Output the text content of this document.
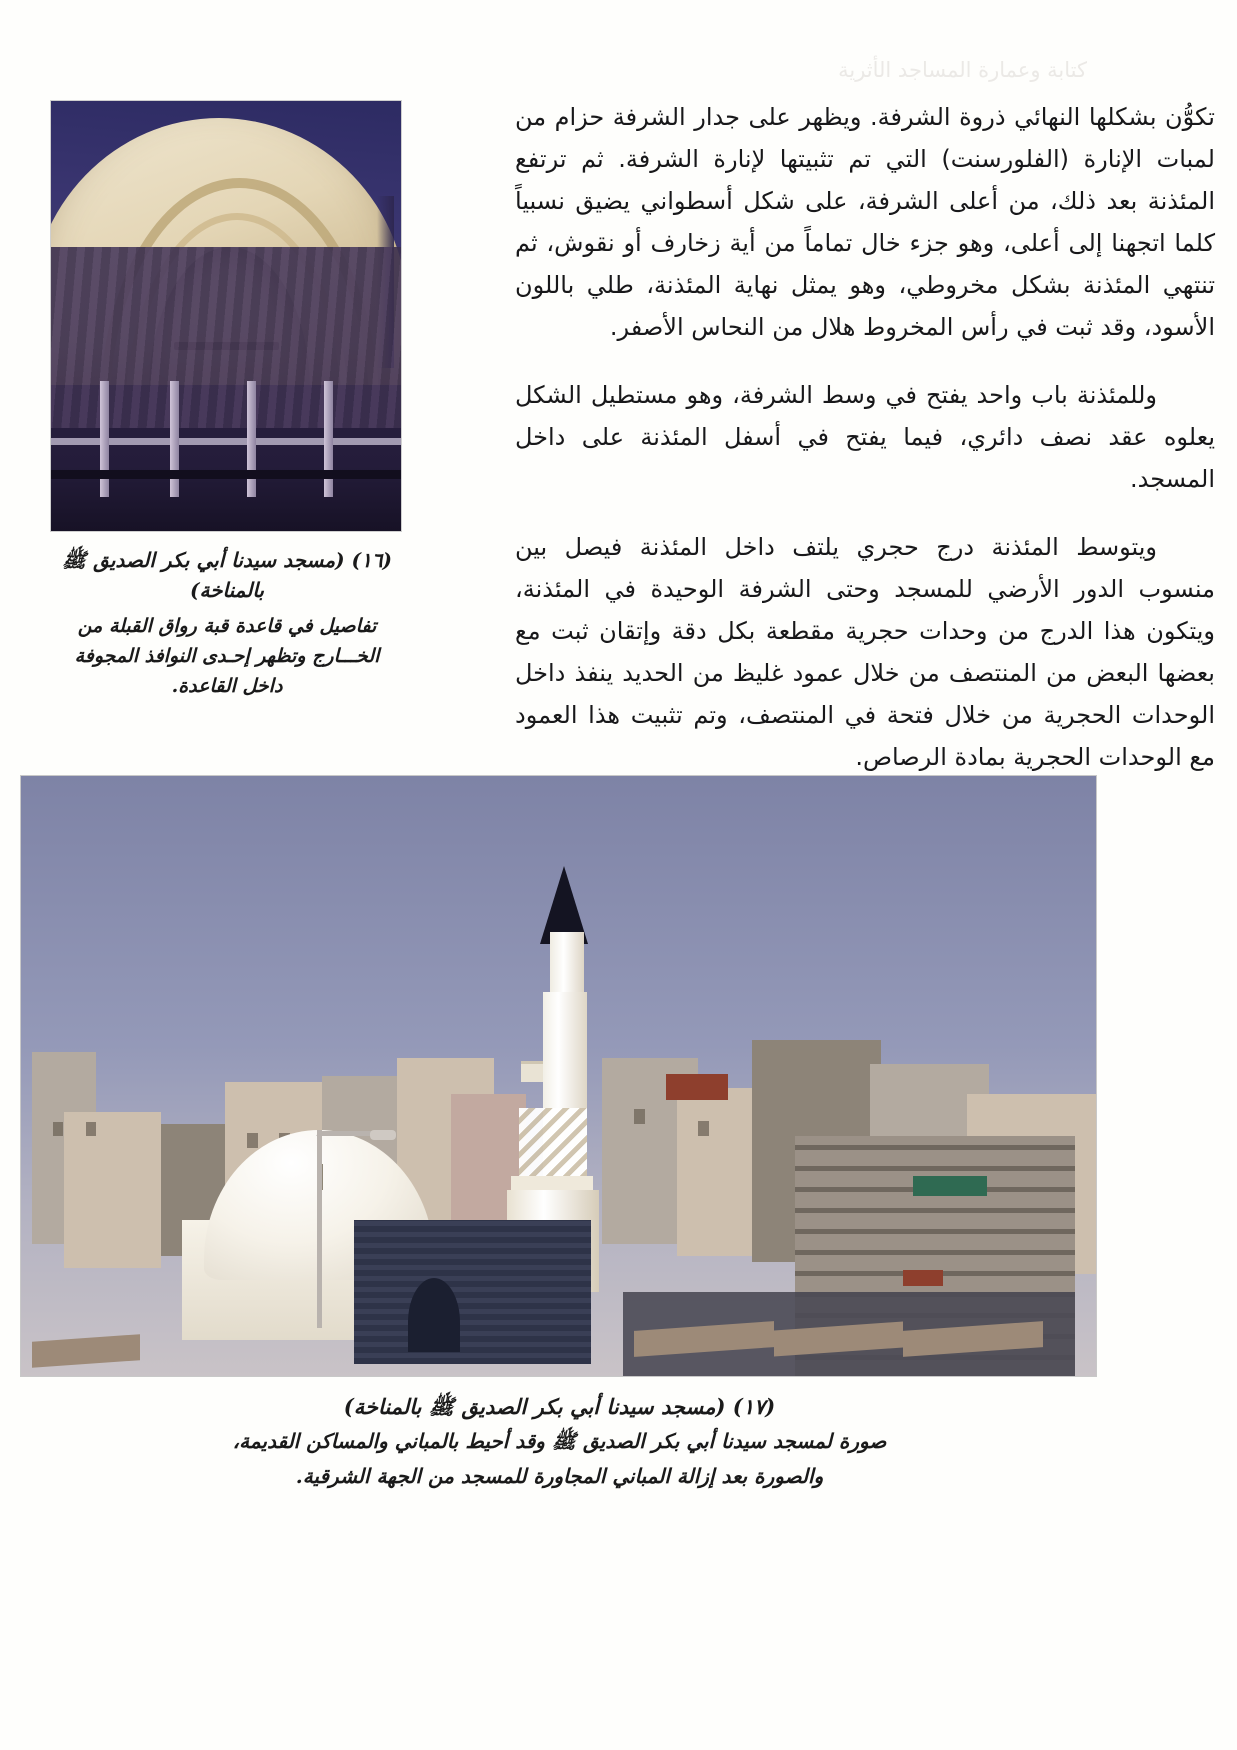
كتابة وعمارة المساجد الأثرية
(١٦) (مسجد سيدنا أبي بكر الصديق ﷺ بالمناخة)
تفاصيل في قاعدة قبة رواق القبلة من الخـــارج وتظهر إحـدى النوافذ المجوفة داخل القاعدة.

تكوُّن بشكلها النهائي ذروة الشرفة. ويظهر على جدار الشرفة حزام من لمبات الإنارة (الفلورسنت) التي تم تثبيتها لإنارة الشرفة. ثم ترتفع المئذنة بعد ذلك، من أعلى الشرفة، على شكل أسطواني يضيق نسبياً كلما اتجهنا إلى أعلى، وهو جزء خال تماماً من أية زخارف أو نقوش، ثم تنتهي المئذنة بشكل مخروطي، وهو يمثل نهاية المئذنة، طلي باللون الأسود، وقد ثبت في رأس المخروط هلال من النحاس الأصفر.

وللمئذنة باب واحد يفتح في وسط الشرفة، وهو مستطيل الشكل يعلوه عقد نصف دائري، فيما يفتح في أسفل المئذنة على داخل المسجد.

ويتوسط المئذنة درج حجري يلتف داخل المئذنة فيصل بين منسوب الدور الأرضي للمسجد وحتى الشرفة الوحيدة في المئذنة، ويتكون هذا الدرج من وحدات حجرية مقطعة بكل دقة وإتقان ثبت مع بعضها البعض من المنتصف من خلال عمود غليظ من الحديد ينفذ داخل الوحدات الحجرية من خلال فتحة في المنتصف، وتم تثبيت هذا العمود مع الوحدات الحجرية بمادة الرصاص.

(١٧) (مسجد سيدنا أبي بكر الصديق ﷺ بالمناخة)
صورة لمسجد سيدنا أبي بكر الصديق ﷺ وقد أحيط بالمباني والمساكن القديمة،
والصورة بعد إزالة المباني المجاورة للمسجد من الجهة الشرقية.
